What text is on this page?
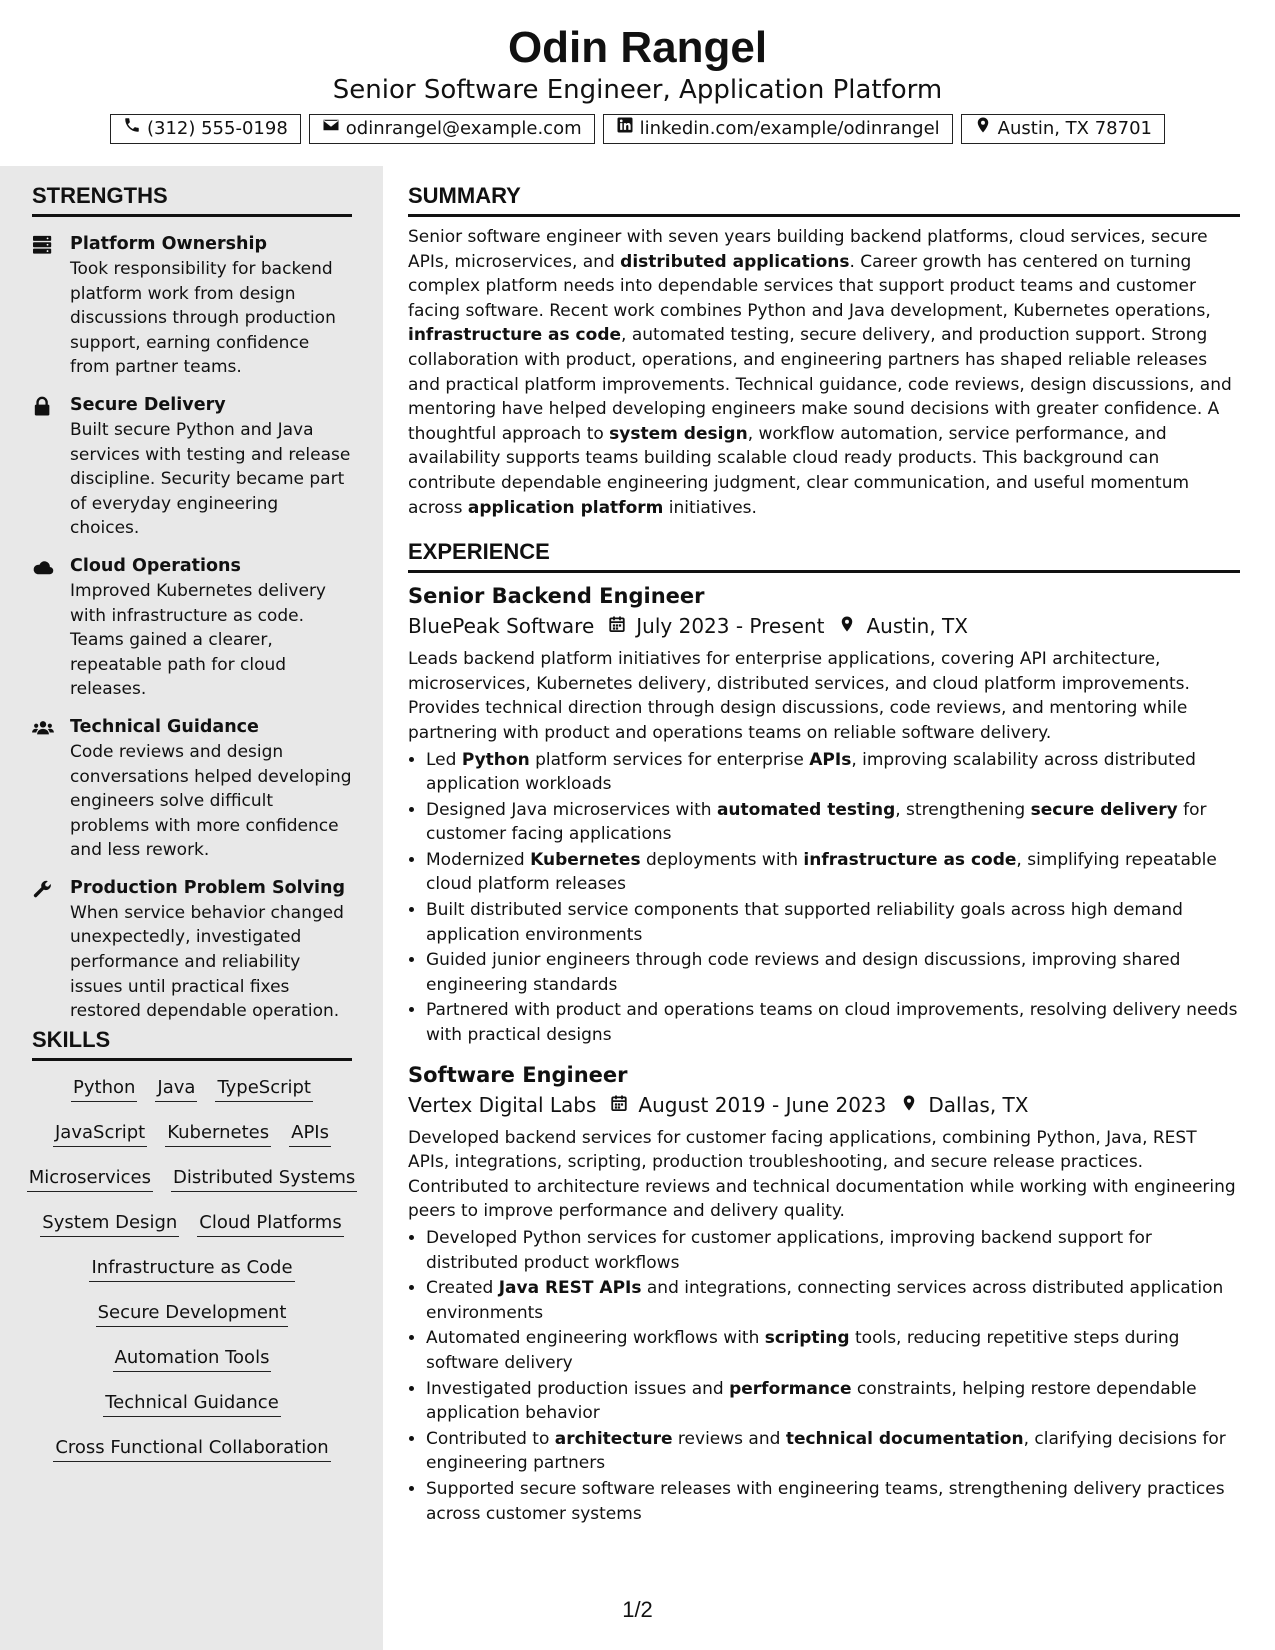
Odin Rangel
Senior Software Engineer, Application Platform
(312) 555-0198	odinrangel@example.com	linkedin.com/example/odinrangel	Austin, TX 78701
STRENGTHS
Platform Ownership
Took responsibility for backend platform work from design discussions through production support, earning confidence from partner teams.
Secure Delivery
Built secure Python and Java services with testing and release discipline. Security became part of everyday engineering choices.
Cloud Operations
Improved Kubernetes delivery with infrastructure as code. Teams gained a clearer, repeatable path for cloud releases.
Technical Guidance
Code reviews and design conversations helped developing engineers solve difficult problems with more confidence and less rework.
Production Problem Solving
When service behavior changed unexpectedly, investigated performance and reliability issues until practical fixes restored dependable operation.
SKILLS
Python Java TypeScript
JavaScript Kubernetes APIs
Microservices Distributed Systems
System Design Cloud Platforms
Infrastructure as Code
Secure Development
Automation Tools
Technical Guidance
Cross Functional Collaboration
SUMMARY
Senior software engineer with seven years building backend platforms, cloud services, secure APIs, microservices, and distributed applications. Career growth has centered on turning complex platform needs into dependable services that support product teams and customer facing software. Recent work combines Python and Java development, Kubernetes operations, infrastructure as code, automated testing, secure delivery, and production support. Strong collaboration with product, operations, and engineering partners has shaped reliable releases and practical platform improvements. Technical guidance, code reviews, design discussions, and mentoring have helped developing engineers make sound decisions with greater confidence. A thoughtful approach to system design, workflow automation, service performance, and availability supports teams building scalable cloud ready products. This background can contribute dependable engineering judgment, clear communication, and useful momentum across application platform initiatives.
EXPERIENCE
Senior Backend Engineer
BluePeak Software July 2023 - Present Austin, TX
Leads backend platform initiatives for enterprise applications, covering API architecture, microservices, Kubernetes delivery, distributed services, and cloud platform improvements. Provides technical direction through design discussions, code reviews, and mentoring while partnering with product and operations teams on reliable software delivery.
• Led Python platform services for enterprise APIs, improving scalability across distributed application workloads
• Designed Java microservices with automated testing, strengthening secure delivery for customer facing applications
• Modernized Kubernetes deployments with infrastructure as code, simplifying repeatable cloud platform releases
• Built distributed service components that supported reliability goals across high demand application environments
• Guided junior engineers through code reviews and design discussions, improving shared engineering standards
• Partnered with product and operations teams on cloud improvements, resolving delivery needs with practical designs
Software Engineer
Vertex Digital Labs August 2019 - June 2023 Dallas, TX
Developed backend services for customer facing applications, combining Python, Java, REST APIs, integrations, scripting, production troubleshooting, and secure release practices. Contributed to architecture reviews and technical documentation while working with engineering peers to improve performance and delivery quality.
• Developed Python services for customer applications, improving backend support for distributed product workflows
• Created Java REST APIs and integrations, connecting services across distributed application environments
• Automated engineering workflows with scripting tools, reducing repetitive steps during software delivery
• Investigated production issues and performance constraints, helping restore dependable application behavior
• Contributed to architecture reviews and technical documentation, clarifying decisions for engineering partners
• Supported secure software releases with engineering teams, strengthening delivery practices across customer systems
1/2
